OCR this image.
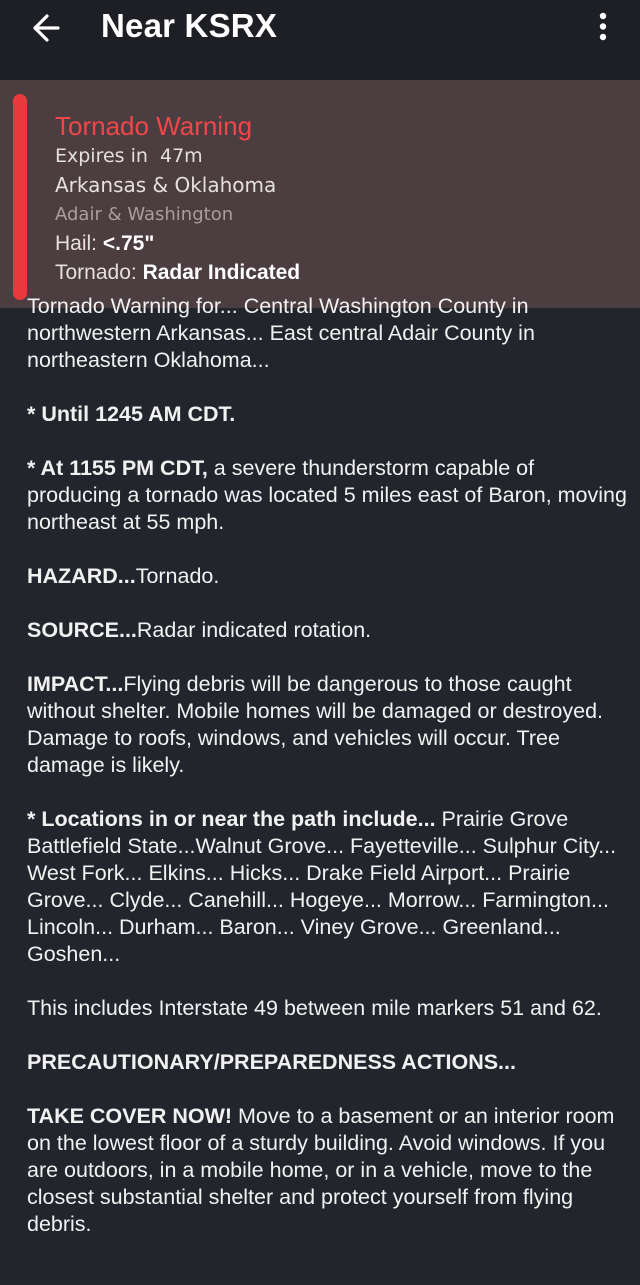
Near KSRX
Tornado Warning
Expires in  47m
Arkansas & Oklahoma
Adair & Washington
Hail: <.75"
Tornado: Radar Indicated
Tornado Warning for... Central Washington County in

northwestern Arkansas... East central Adair County in northeastern Oklahoma...

* Until 1245 AM CDT.

* At 1155 PM CDT, a severe thunderstorm capable of producing a tornado was located 5 miles east of Baron, moving northeast at 55 mph.

HAZARD...Tornado.

SOURCE...Radar indicated rotation.

IMPACT...Flying debris will be dangerous to those caught without shelter. Mobile homes will be damaged or destroyed. Damage to roofs, windows, and vehicles will occur. Tree damage is likely.

* Locations in or near the path include... Prairie Grove Battlefield State...Walnut Grove... Fayetteville... Sulphur City... West Fork... Elkins... Hicks... Drake Field Airport... Prairie Grove... Clyde... Canehill... Hogeye... Morrow... Farmington... Lincoln... Durham... Baron... Viney Grove... Greenland... Goshen...

This includes Interstate 49 between mile markers 51 and 62.

PRECAUTIONARY/PREPAREDNESS ACTIONS...

TAKE COVER NOW! Move to a basement or an interior room on the lowest floor of a sturdy building. Avoid windows. If you are outdoors, in a mobile home, or in a vehicle, move to the closest substantial shelter and protect yourself from flying debris.
